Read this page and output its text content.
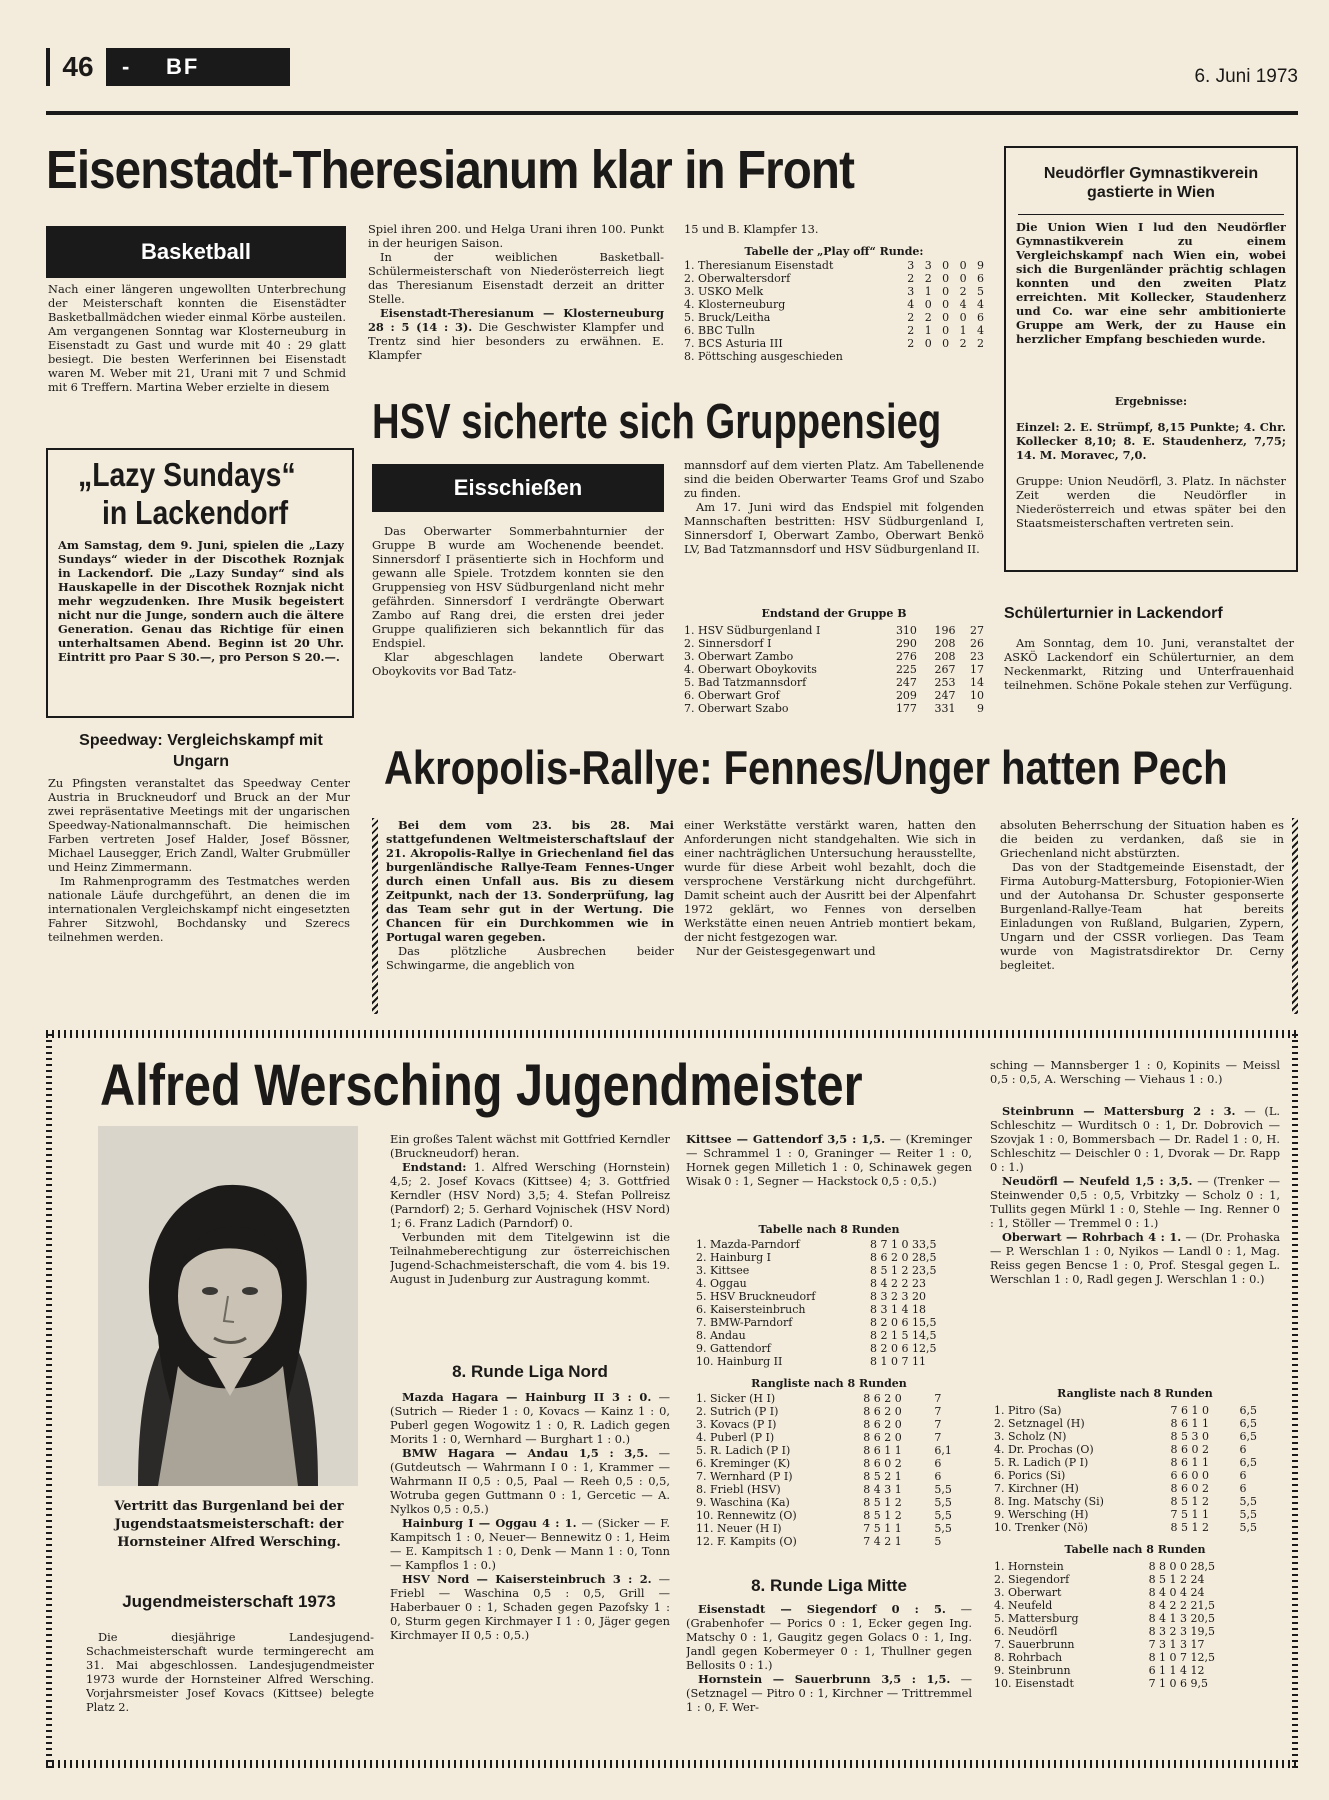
46	- BF	6. Juni 1973
Eisenstadt-Theresianum klar in Front
Basketball

Nach einer längeren ungewollten Unterbrechung der Meisterschaft konnten die Eisenstädter Basketballmädchen wieder einmal Körbe austeilen. Am vergangenen Sonntag war Klosterneuburg in Eisenstadt zu Gast und wurde mit 40 : 29 glatt besiegt. Die besten Werferinnen bei Eisenstadt waren M. Weber mit 21, Urani mit 7 und Schmid mit 6 Treffern. Martina Weber erzielte in diesem

Spiel ihren 200. und Helga Urani ihren 100. Punkt in der heurigen Saison.

In der weiblichen Basketball-Schülermeisterschaft von Niederösterreich liegt das Theresianum Eisenstadt derzeit an dritter Stelle.

Eisenstadt-Theresianum — Klosterneuburg 28 : 5 (14 : 3). Die Geschwister Klampfer und Trentz sind hier besonders zu erwähnen. E. Klampfer

15 und B. Klampfer 13.
Tabelle der „Play off“ Runde:
1. Theresianum Eisenstadt	3	3	0	0	9
2. Oberwaltersdorf	2	2	0	0	6
3. USKO Melk	3	1	0	2	5
4. Klosterneuburg	4	0	0	4	4
5. Bruck/Leitha	2	2	0	0	6
6. BBC Tulln	2	1	0	1	4
7. BCS Asturia III	2	0	0	2	2
8. Pöttsching ausgeschieden					
Neudörfler Gymnastikverein gastierte in Wien
Die Union Wien I lud den Neudörfler Gymnastikverein zu einem Vergleichskampf nach Wien ein, wobei sich die Burgenländer prächtig schlagen konnten und den zweiten Platz erreichten. Mit Kollecker, Staudenherz und Co. war eine sehr ambitionierte Gruppe am Werk, der zu Hause ein herzlicher Empfang beschieden wurde.
Ergebnisse:
Einzel: 2. E. Strümpf, 8,15 Punkte; 4. Chr. Kollecker 8,10; 8. E. Staudenherz, 7,75; 14. M. Moravec, 7,0.
Gruppe: Union Neudörfl, 3. Platz. In nächster Zeit werden die Neudörfler in Niederösterreich und etwas später bei den Staatsmeisterschaften vertreten sein.
„Lazy Sundays“
in Lackendorf
Am Samstag, dem 9. Juni, spielen die „Lazy Sundays“ wieder in der Discothek Roznjak in Lackendorf. Die „Lazy Sunday“ sind als Hauskapelle in der Discothek Roznjak nicht mehr wegzudenken. Ihre Musik begeistert nicht nur die Junge, sondern auch die ältere Generation. Genau das Richtige für einen unterhaltsamen Abend. Beginn ist 20 Uhr. Eintritt pro Paar S 30.—, pro Person S 20.—.
Speedway: Vergleichskampf mit Ungarn

Zu Pfingsten veranstaltet das Speedway Center Austria in Bruckneudorf und Bruck an der Mur zwei repräsentative Meetings mit der ungarischen Speedway-Nationalmannschaft. Die heimischen Farben vertreten Josef Halder, Josef Bössner, Michael Lausegger, Erich Zandl, Walter Grubmüller und Heinz Zimmermann.

Im Rahmenprogramm des Testmatches werden nationale Läufe durchgeführt, an denen die im internationalen Vergleichskampf nicht eingesetzten Fahrer Sitzwohl, Bochdansky und Szerecs teilnehmen werden.

HSV sicherte sich Gruppensieg
Eisschießen

Das Oberwarter Sommerbahnturnier der Gruppe B wurde am Wochenende beendet. Sinnersdorf I präsentierte sich in Hochform und gewann alle Spiele. Trotzdem konnten sie den Gruppensieg von HSV Südburgenland nicht mehr gefährden. Sinnersdorf I verdrängte Oberwart Zambo auf Rang drei, die ersten drei jeder Gruppe qualifizieren sich bekanntlich für das Endspiel.

Klar abgeschlagen landete Oberwart Oboykovits vor Bad Tatz-

mannsdorf auf dem vierten Platz. Am Tabellenende sind die beiden Oberwarter Teams Grof und Szabo zu finden.

Am 17. Juni wird das Endspiel mit folgenden Mannschaften bestritten: HSV Südburgenland I, Sinnersdorf I, Oberwart Zambo, Oberwart Benkö LV, Bad Tatzmannsdorf und HSV Südburgenland II.

Endstand der Gruppe B
1. HSV Südburgenland I	310	196	27
2. Sinnersdorf I	290	208	26
3. Oberwart Zambo	276	208	23
4. Oberwart Oboykovits	225	267	17
5. Bad Tatzmannsdorf	247	253	14
6. Oberwart Grof	209	247	10
7. Oberwart Szabo	177	331	9
Schülerturnier in Lackendorf
Am Sonntag, dem 10. Juni, veranstaltet der ASKÖ Lackendorf ein Schülerturnier, an dem Neckenmarkt, Ritzing und Unterfrauenhaid teilnehmen. Schöne Pokale stehen zur Verfügung.
Akropolis-Rallye: Fennes/Unger hatten Pech

Bei dem vom 23. bis 28. Mai stattgefundenen Weltmeisterschaftslauf der 21. Akropolis-Rallye in Griechenland fiel das burgenländische Rallye-Team Fennes-Unger durch einen Unfall aus. Bis zu diesem Zeitpunkt, nach der 13. Sonderprüfung, lag das Team sehr gut in der Wertung. Die Chancen für ein Durchkommen wie in Portugal waren gegeben.

Das plötzliche Ausbrechen beider Schwingarme, die angeblich von

einer Werkstätte verstärkt waren, hatten den Anforderungen nicht standgehalten. Wie sich in einer nachträglichen Untersuchung herausstellte, wurde für diese Arbeit wohl bezahlt, doch die versprochene Verstärkung nicht durchgeführt. Damit scheint auch der Ausritt bei der Alpenfahrt 1972 geklärt, wo Fennes von derselben Werkstätte einen neuen Antrieb montiert bekam, der nicht festgezogen war.

Nur der Geistesgegenwart und

absoluten Beherrschung der Situation haben es die beiden zu verdanken, daß sie in Griechenland nicht abstürzten.

Das von der Stadtgemeinde Eisenstadt, der Firma Autoburg-Mattersburg, Fotopionier-Wien und der Autohansa Dr. Schuster gesponserte Burgenland-Rallye-Team hat bereits Einladungen von Rußland, Bulgarien, Zypern, Ungarn und der CSSR vorliegen. Das Team wurde von Magistratsdirektor Dr. Cerny begleitet.

Alfred Wersching Jugendmeister
Vertritt das Burgenland bei der Jugendstaatsmeisterschaft: der Hornsteiner Alfred Wersching.
Jugendmeisterschaft 1973
Die diesjährige Landesjugend-Schachmeisterschaft wurde termingerecht am 31. Mai abgeschlossen. Landesjugendmeister 1973 wurde der Hornsteiner Alfred Wersching. Vorjahrsmeister Josef Kovacs (Kittsee) belegte Platz 2.

Ein großes Talent wächst mit Gottfried Kerndler (Bruckneudorf) heran.

Endstand: 1. Alfred Wersching (Hornstein) 4,5; 2. Josef Kovacs (Kittsee) 4; 3. Gottfried Kerndler (HSV Nord) 3,5; 4. Stefan Pollreisz (Parndorf) 2; 5. Gerhard Vojnischek (HSV Nord) 1; 6. Franz Ladich (Parndorf) 0.

Verbunden mit dem Titelgewinn ist die Teilnahmeberechtigung zur österreichischen Jugend-Schachmeisterschaft, die vom 4. bis 19. August in Judenburg zur Austragung kommt.

8. Runde Liga Nord

Mazda Hagara — Hainburg II 3 : 0. — (Sutrich — Rieder 1 : 0, Kovacs — Kainz 1 : 0, Puberl gegen Wogowitz 1 : 0, R. Ladich gegen Morits 1 : 0, Wernhard — Burghart 1 : 0.)

BMW Hagara — Andau 1,5 : 3,5. — (Gutdeutsch — Wahrmann I 0 : 1, Krammer — Wahrmann II 0,5 : 0,5, Paal — Reeh 0,5 : 0,5, Wotruba gegen Guttmann 0 : 1, Gercetic — A. Nylkos 0,5 : 0,5.)

Hainburg I — Oggau 4 : 1. — (Sicker — F. Kampitsch 1 : 0, Neuer— Bennewitz 0 : 1, Heim — E. Kampitsch 1 : 0, Denk — Mann 1 : 0, Tonn — Kampflos 1 : 0.)

HSV Nord — Kaisersteinbruch 3 : 2. — Friebl — Waschina 0,5 : 0,5, Grill — Haberbauer 0 : 1, Schaden gegen Pazofsky 1 : 0, Sturm gegen Kirchmayer I 1 : 0, Jäger gegen Kirchmayer II 0,5 : 0,5.)

Kittsee — Gattendorf 3,5 : 1,5. — (Kreminger — Schrammel 1 : 0, Graninger — Reiter 1 : 0, Hornek gegen Milletich 1 : 0, Schinawek gegen Wisak 0 : 1, Segner — Hackstock 0,5 : 0,5.)

Tabelle nach 8 Runden
1. Mazda-Parndorf	8 7 1 0 33,5
2. Hainburg I	8 6 2 0 28,5
3. Kittsee	8 5 1 2 23,5
4. Oggau	8 4 2 2 23
5. HSV Bruckneudorf	8 3 2 3 20
6. Kaisersteinbruch	8 3 1 4 18
7. BMW-Parndorf	8 2 0 6 15,5
8. Andau	8 2 1 5 14,5
9. Gattendorf	8 2 0 6 12,5
10. Hainburg II	8 1 0 7 11
Rangliste nach 8 Runden
1. Sicker (H I)	8 6 2 0	7
2. Sutrich (P I)	8 6 2 0	7
3. Kovacs (P I)	8 6 2 0	7
4. Puberl (P I)	8 6 2 0	7
5. R. Ladich (P I)	8 6 1 1	6,1
6. Kreminger (K)	8 6 0 2	6
7. Wernhard (P I)	8 5 2 1	6
8. Friebl (HSV)	8 4 3 1	5,5
9. Waschina (Ka)	8 5 1 2	5,5
10. Rennewitz (O)	8 5 1 2	5,5
11. Neuer (H I)	7 5 1 1	5,5
12. F. Kampits (O)	7 4 2 1	5
8. Runde Liga Mitte

Eisenstadt — Siegendorf 0 : 5. — (Grabenhofer — Porics 0 : 1, Ecker gegen Ing. Matschy 0 : 1, Gaugitz gegen Golacs 0 : 1, Ing. Jandl gegen Kobermeyer 0 : 1, Thullner gegen Bellosits 0 : 1.)

Hornstein — Sauerbrunn 3,5 : 1,5. — (Setznagel — Pitro 0 : 1, Kirchner — Trittremmel 1 : 0, F. Wer-

sching — Mannsberger 1 : 0, Kopinits — Meissl 0,5 : 0,5, A. Wersching — Viehaus 1 : 0.)

Steinbrunn — Mattersburg 2 : 3. — (L. Schleschitz — Wurditsch 0 : 1, Dr. Dobrovich — Szovjak 1 : 0, Bommersbach — Dr. Radel 1 : 0, H. Schleschitz — Deischler 0 : 1, Dvorak — Dr. Rapp 0 : 1.)

Neudörfl — Neufeld 1,5 : 3,5. — (Trenker — Steinwender 0,5 : 0,5, Vrbitzky — Scholz 0 : 1, Tullits gegen Mürkl 1 : 0, Stehle — Ing. Renner 0 : 1, Stöller — Tremmel 0 : 1.)

Oberwart — Rohrbach 4 : 1. — (Dr. Prohaska — P. Werschlan 1 : 0, Nyikos — Landl 0 : 1, Mag. Reiss gegen Bencse 1 : 0, Prof. Stesgal gegen L. Werschlan 1 : 0, Radl gegen J. Werschlan 1 : 0.)

Rangliste nach 8 Runden
1. Pitro (Sa)	7 6 1 0	6,5
2. Setznagel (H)	8 6 1 1	6,5
3. Scholz (N)	8 5 3 0	6,5
4. Dr. Prochas (O)	8 6 0 2	6
5. R. Ladich (P I)	8 6 1 1	6,5
6. Porics (Si)	6 6 0 0	6
7. Kirchner (H)	8 6 0 2	6
8. Ing. Matschy (Si)	8 5 1 2	5,5
9. Wersching (H)	7 5 1 1	5,5
10. Trenker (Nö)	8 5 1 2	5,5
Tabelle nach 8 Runden
1. Hornstein	8 8 0 0 28,5
2. Siegendorf	8 5 1 2 24
3. Oberwart	8 4 0 4 24
4. Neufeld	8 4 2 2 21,5
5. Mattersburg	8 4 1 3 20,5
6. Neudörfl	8 3 2 3 19,5
7. Sauerbrunn	7 3 1 3 17
8. Rohrbach	8 1 0 7 12,5
9. Steinbrunn	6 1 1 4 12
10. Eisenstadt	7 1 0 6 9,5
